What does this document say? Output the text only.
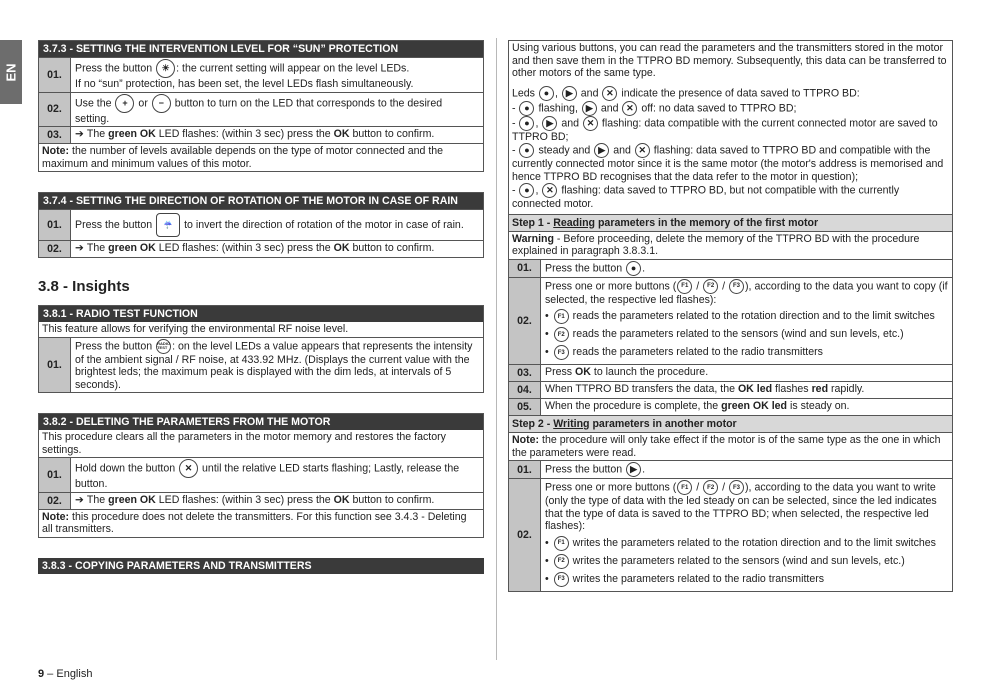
EN
3.7.3 - SETTING THE INTERVENTION LEVEL FOR “SUN” PROTECTION
01.
Press the button ☀ : the current setting will appear on the level LEDs.
If no “sun” protection, has been set, the level LEDs flash simultaneously.
02.
Use the + or − button to turn on the LED that corresponds to the desired setting.
03.	➔ The green OK LED flashes: (within 3 sec) press the OK button to confirm.
Note: the number of levels available depends on the type of motor connected and the maximum and minimum values of this motor.
3.7.4 - SETTING THE DIRECTION OF ROTATION OF THE MOTOR IN CASE OF RAIN
01.	Press the button
	☔
	to invert the direction of rotation of the motor in case of rain.
02.	➔ The green OK LED flashes: (within 3 sec) press the OK button to confirm.
3.8 - Insights
3.8.1 - RADIO TEST FUNCTION
This feature allows for verifying the environmental RF noise level.
01.
Press the button RADIO TEST : on the level LEDs a value appears that represents the intensity of the ambient signal / RF noise, at 433.92 MHz. (Displays the current value with the brightest leds; the maximum peak is displayed with the dim leds, at intervals of 5 seconds).
3.8.2 - DELETING THE PARAMETERS FROM THE MOTOR
This procedure clears all the parameters in the motor memory and restores the factory settings.
01.
Hold down the button ✕ until the relative LED starts flashing; Lastly, release the button.
02.	➔ The green OK LED flashes: (within 3 sec) press the OK button to confirm.
Note: this procedure does not delete the transmitters. For this function see 3.4.3 - Deleting all transmitters.
3.8.3 - COPYING PARAMETERS AND TRANSMITTERS
Using various buttons, you can read the parameters and the transmitters stored in the motor and then save them in the TTPRO BD memory. Subsequently, this data can be transferred to other motors of the same type.
Leds ● , ▶ and ✕ indicate the presence of data saved to TTPRO BD:
- ● flashing, ▶ and ✕ off: no data saved to TTPRO BD;
- ● , ▶ and ✕ flashing: data compatible with the current connected motor are saved to TTPRO BD;
- ● steady and ▶ and ✕ flashing: data saved to TTPRO BD and compatible with the currently connected motor since it is the same motor (the motor's address is memorised and hence TTPRO BD recognises that the data refer to the motor in question);
- ● , ✕ flashing: data saved to TTPRO BD, but not compatible with the currently connected motor.
Step 1 - Reading parameters in the memory of the first motor
Warning - Before proceeding, delete the memory of the TTPRO BD with the procedure explained in paragraph 3.8.3.1.
01.	Press the button ● .
02.
Press one or more buttons ( F1 / F2 / F3 ), according to the data you want to copy (if selected, the respective led flashes):
•	F1
reads the parameters related to the rotation direction and to the limit switches
•	F2
reads the parameters related to the sensors (wind and sun levels, etc.)
•	F3
reads the parameters related to the radio transmitters
03.	Press OK to launch the procedure.
04.	When TTPRO BD transfers the data, the OK led flashes red rapidly.
05.	When the procedure is complete, the green OK led is steady on.
Step 2 - Writing parameters in another motor
Note: the procedure will only take effect if the motor is of the same type as the one in which the parameters were read.
01.	Press the button ▶ .
02.
Press one or more buttons ( F1 / F2 / F3 ), according to the data you want to write (only the type of data with the led steady on can be selected, since the led indicates that the type of data is saved to the TTPRO BD; when selected, the respective led flashes):
•	F1
writes the parameters related to the rotation direction and to the limit switches
•	F2
writes the parameters related to the sensors (wind and sun levels, etc.)
•	F3
writes the parameters related to the radio transmitters
9 – English
